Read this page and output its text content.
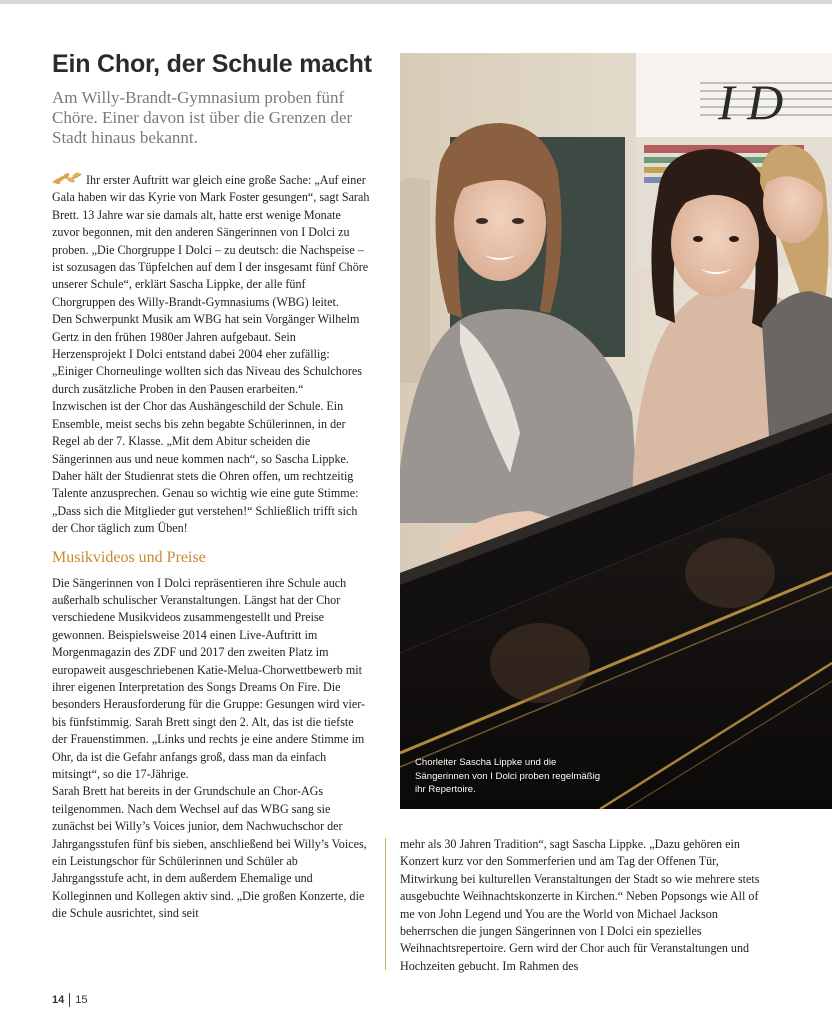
Ein Chor, der Schule macht
Am Willy-Brandt-Gymnasium proben fünf Chöre. Einer davon ist über die Grenzen der Stadt hinaus bekannt.

Ihr erster Auftritt war gleich eine große Sache: „Auf einer Gala haben wir das Kyrie von Mark Foster gesungen“, sagt Sarah Brett. 13 Jahre war sie damals alt, hatte erst wenige Monate zuvor begonnen, mit den anderen Sängerinnen von I Dolci zu proben. „Die Chorgruppe I Dolci – zu deutsch: die Nachspeise – ist sozusagen das Tüpfelchen auf dem I der insgesamt fünf Chöre unserer Schule“, erklärt Sascha Lippke, der alle fünf Chorgruppen des Willy-Brandt-Gymnasiums (WBG) leitet.

Den Schwerpunkt Musik am WBG hat sein Vorgänger Wilhelm Gertz in den frühen 1980er Jahren aufgebaut. Sein Herzensprojekt I Dolci entstand dabei 2004 eher zufällig: „Einiger Chorneulinge wollten sich das Niveau des Schulchores durch zusätzliche Proben in den Pausen erarbeiten.“

Inzwischen ist der Chor das Aushängeschild der Schule. Ein Ensemble, meist sechs bis zehn begabte Schülerinnen, in der Regel ab der 7. Klasse. „Mit dem Abitur scheiden die Sängerinnen aus und neue kommen nach“, so Sascha Lippke. Daher hält der Studienrat stets die Ohren offen, um rechtzeitig Talente anzusprechen. Genau so wichtig wie eine gute Stimme: „Dass sich die Mitglieder gut verstehen!“ Schließlich trifft sich der Chor täglich zum Üben!

Musikvideos und Preise

Die Sängerinnen von I Dolci repräsentieren ihre Schule auch außerhalb schulischer Veranstaltungen. Längst hat der Chor verschiedene Musikvideos zusammengestellt und Preise gewonnen. Beispielsweise 2014 einen Live-Auftritt im Morgenmagazin des ZDF und 2017 den zweiten Platz im europaweit ausgeschriebenen Katie-Melua-Chorwettbewerb mit ihrer eigenen Interpretation des Songs Dreams On Fire. Die besonders Herausforderung für die Gruppe: Gesungen wird vier- bis fünfstimmig. Sarah Brett singt den 2. Alt, das ist die tiefste der Frauenstimmen. „Links und rechts je eine andere Stimme im Ohr, da ist die Gefahr anfangs groß, dass man da einfach mitsingt“, so die 17-Jährige.

Sarah Brett hat bereits in der Grundschule an Chor-AGs teilgenommen. Nach dem Wechsel auf das WBG sang sie zunächst bei Willy’s Voices junior, dem Nachwuchschor der Jahrgangsstufen fünf bis sieben, anschließend bei Willy’s Voices, ein Leistungschor für Schülerinnen und Schüler ab Jahrgangsstufe acht, in dem außerdem Ehemalige und Kolleginnen und Kollegen aktiv sind. „Die großen Konzerte, die die Schule ausrichtet, sind seit

I D
Chorleiter Sascha Lippke und die Sängerinnen von I Dolci proben regelmäßig ihr Repertoire.

mehr als 30 Jahren Tradition“, sagt Sascha Lippke. „Dazu gehören ein Konzert kurz vor den Sommerferien und am Tag der Offenen Tür, Mitwirkung bei kulturellen Veranstaltungen der Stadt so wie mehrere stets ausgebuchte Weihnachtskonzerte in Kirchen.“ Neben Popsongs wie All of me von John Legend und You are the World von Michael Jackson beherrschen die jungen Sängerinnen von I Dolci ein spezielles Weihnachtsrepertoire. Gern wird der Chor auch für Veranstaltungen und Hochzeiten gebucht. Im Rahmen des

14 15
